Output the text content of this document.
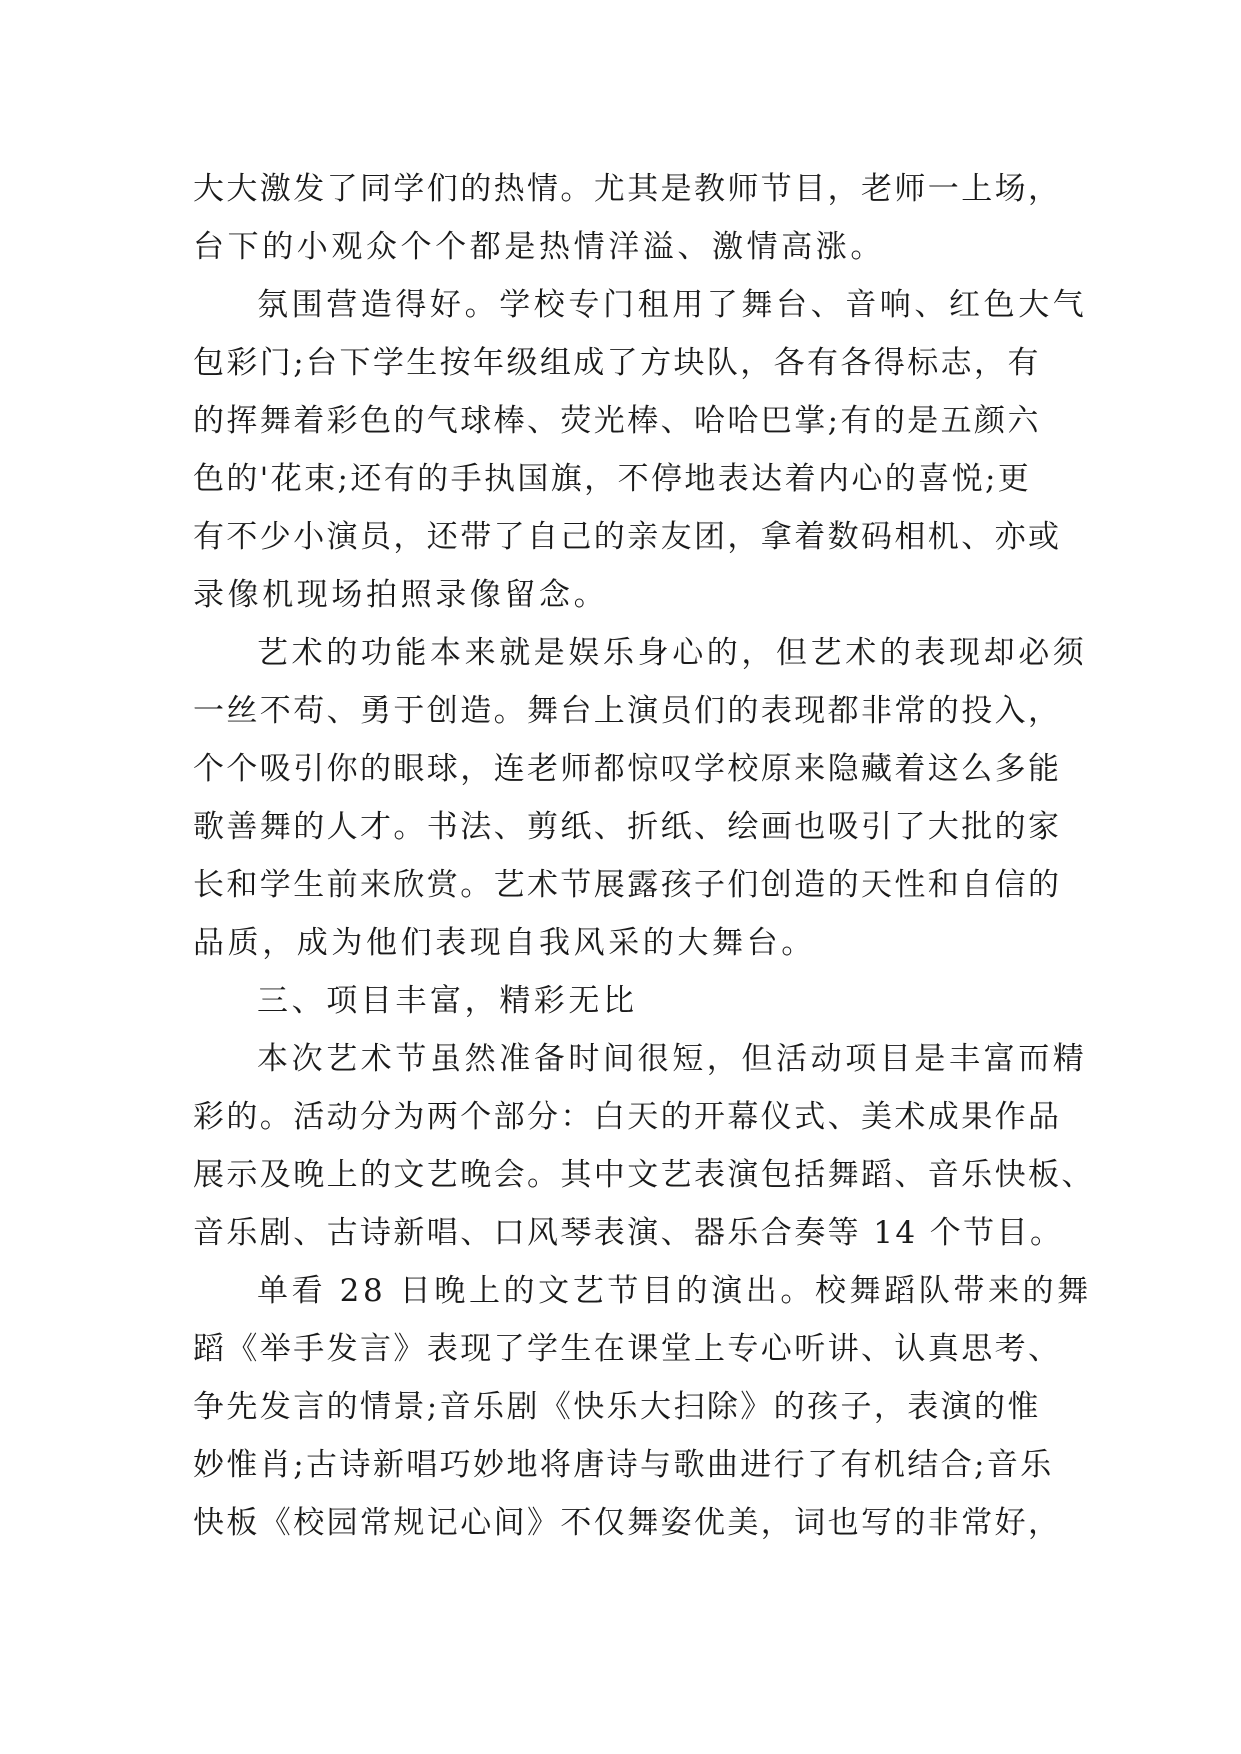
大大激发了同学们的热情。尤其是教师节目，老师一上场，
台下的小观众个个都是热情洋溢、激情高涨。
氛围营造得好。学校专门租用了舞台、音响、红色大气
包彩门;台下学生按年级组成了方块队，各有各得标志，有
的挥舞着彩色的气球棒、荧光棒、哈哈巴掌;有的是五颜六
色的'花束;还有的手执国旗，不停地表达着内心的喜悦;更
有不少小演员，还带了自己的亲友团，拿着数码相机、亦或
录像机现场拍照录像留念。
艺术的功能本来就是娱乐身心的，但艺术的表现却必须
一丝不苟、勇于创造。舞台上演员们的表现都非常的投入，
个个吸引你的眼球，连老师都惊叹学校原来隐藏着这么多能
歌善舞的人才。书法、剪纸、折纸、绘画也吸引了大批的家
长和学生前来欣赏。艺术节展露孩子们创造的天性和自信的
品质，成为他们表现自我风采的大舞台。
三、项目丰富，精彩无比
本次艺术节虽然准备时间很短，但活动项目是丰富而精
彩的。活动分为两个部分：白天的开幕仪式、美术成果作品
展示及晚上的文艺晚会。其中文艺表演包括舞蹈、音乐快板、
音乐剧、古诗新唱、口风琴表演、器乐合奏等 14 个节目。
单看 28 日晚上的文艺节目的演出。校舞蹈队带来的舞
蹈《举手发言》表现了学生在课堂上专心听讲、认真思考、
争先发言的情景;音乐剧《快乐大扫除》的孩子，表演的惟
妙惟肖;古诗新唱巧妙地将唐诗与歌曲进行了有机结合;音乐
快板《校园常规记心间》不仅舞姿优美，词也写的非常好，
